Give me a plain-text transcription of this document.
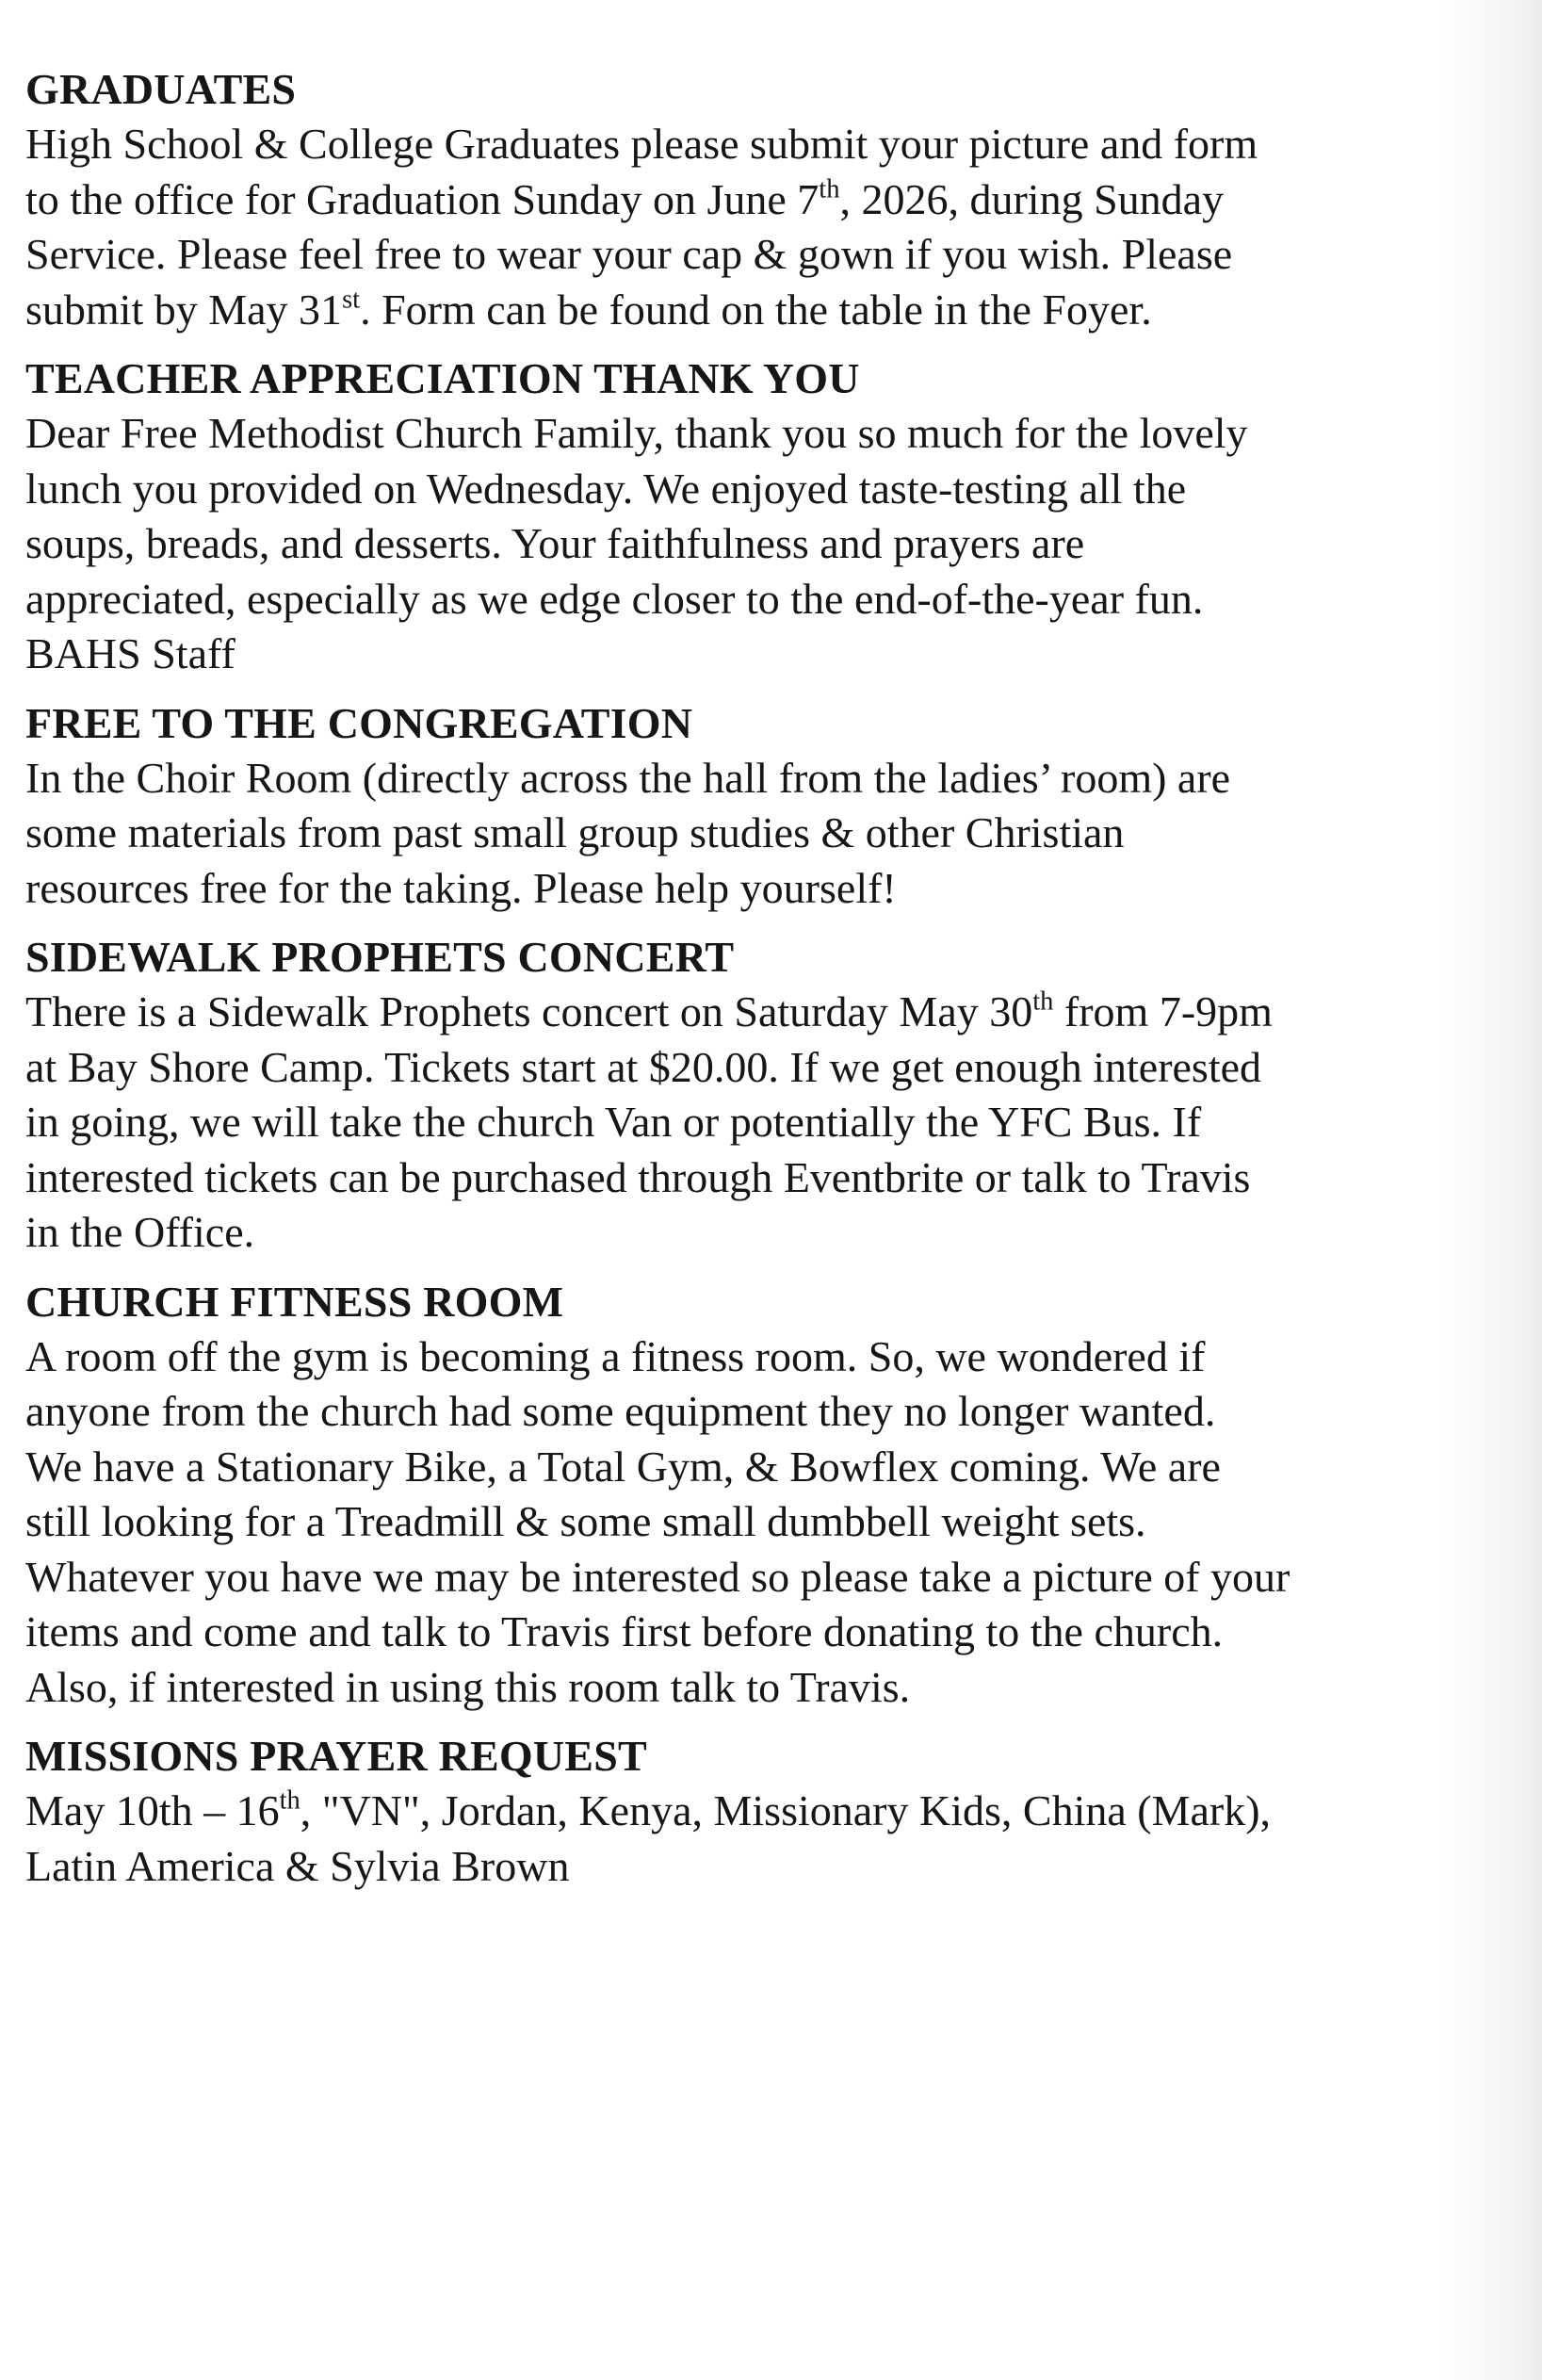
GRADUATES
High School & College Graduates please submit your picture and form
to the office for Graduation Sunday on June 7th, 2026, during Sunday
Service. Please feel free to wear your cap & gown if you wish. Please
submit by May 31st. Form can be found on the table in the Foyer.
TEACHER APPRECIATION THANK YOU
Dear Free Methodist Church Family, thank you so much for the lovely
lunch you provided on Wednesday. We enjoyed taste-testing all the
soups, breads, and desserts. Your faithfulness and prayers are
appreciated, especially as we edge closer to the end-of-the-year fun.
BAHS Staff
FREE TO THE CONGREGATION
In the Choir Room (directly across the hall from the ladies’ room) are
some materials from past small group studies & other Christian
resources free for the taking. Please help yourself!
SIDEWALK PROPHETS CONCERT
There is a Sidewalk Prophets concert on Saturday May 30th from 7-9pm
at Bay Shore Camp. Tickets start at $20.00. If we get enough interested
in going, we will take the church Van or potentially the YFC Bus. If
interested tickets can be purchased through Eventbrite or talk to Travis
in the Office.
CHURCH FITNESS ROOM
A room off the gym is becoming a fitness room. So, we wondered if
anyone from the church had some equipment they no longer wanted.
We have a Stationary Bike, a Total Gym, & Bowflex coming. We are
still looking for a Treadmill & some small dumbbell weight sets.
Whatever you have we may be interested so please take a picture of your
items and come and talk to Travis first before donating to the church.
Also, if interested in using this room talk to Travis.
MISSIONS PRAYER REQUEST
May 10th – 16th, "VN", Jordan, Kenya, Missionary Kids, China (Mark),
Latin America & Sylvia Brown
